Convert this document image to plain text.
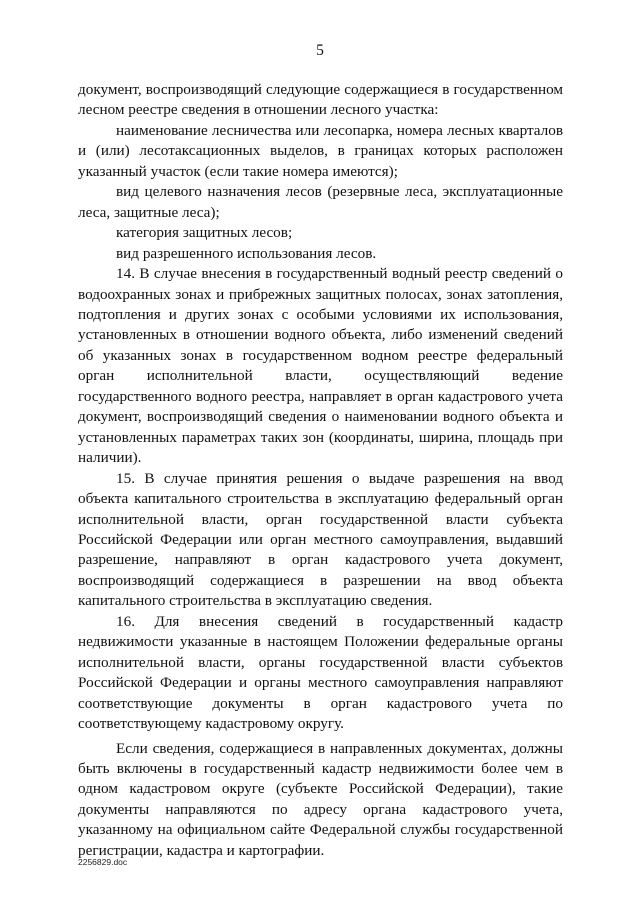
5

документ, воспроизводящий следующие содержащиеся в государственном лесном реестре сведения в отношении лесного участка:

наименование лесничества или лесопарка, номера лесных кварталов и (или) лесотаксационных выделов, в границах которых расположен указанный участок (если такие номера имеются);

вид целевого назначения лесов (резервные леса, эксплуатационные леса, защитные леса);

категория защитных лесов;

вид разрешенного использования лесов.

14. В случае внесения в государственный водный реестр сведений о водоохранных зонах и прибрежных защитных полосах, зонах затопления, подтопления и других зонах с особыми условиями их использования, установленных в отношении водного объекта, либо изменений сведений об указанных зонах в государственном водном реестре федеральный орган исполнительной власти, осуществляющий ведение государственного водного реестра, направляет в орган кадастрового учета документ, воспроизводящий сведения о наименовании водного объекта и установленных параметрах таких зон (координаты, ширина, площадь при наличии).

15. В случае принятия решения о выдаче разрешения на ввод объекта капитального строительства в эксплуатацию федеральный орган исполнительной власти, орган государственной власти субъекта Российской Федерации или орган местного самоуправления, выдавший разрешение, направляют в орган кадастрового учета документ, воспроизводящий содержащиеся в разрешении на ввод объекта капитального строительства в эксплуатацию сведения.

16. Для внесения сведений в государственный кадастр недвижимости указанные в настоящем Положении федеральные органы исполнительной власти, органы государственной власти субъектов Российской Федерации и органы местного самоуправления направляют соответствующие документы в орган кадастрового учета по соответствующему кадастровому округу.

Если сведения, содержащиеся в направленных документах, должны быть включены в государственный кадастр недвижимости более чем в одном кадастровом округе (субъекте Российской Федерации), такие документы направляются по адресу органа кадастрового учета, указанному на официальном сайте Федеральной службы государственной регистрации, кадастра и картографии.

2256829.doc
